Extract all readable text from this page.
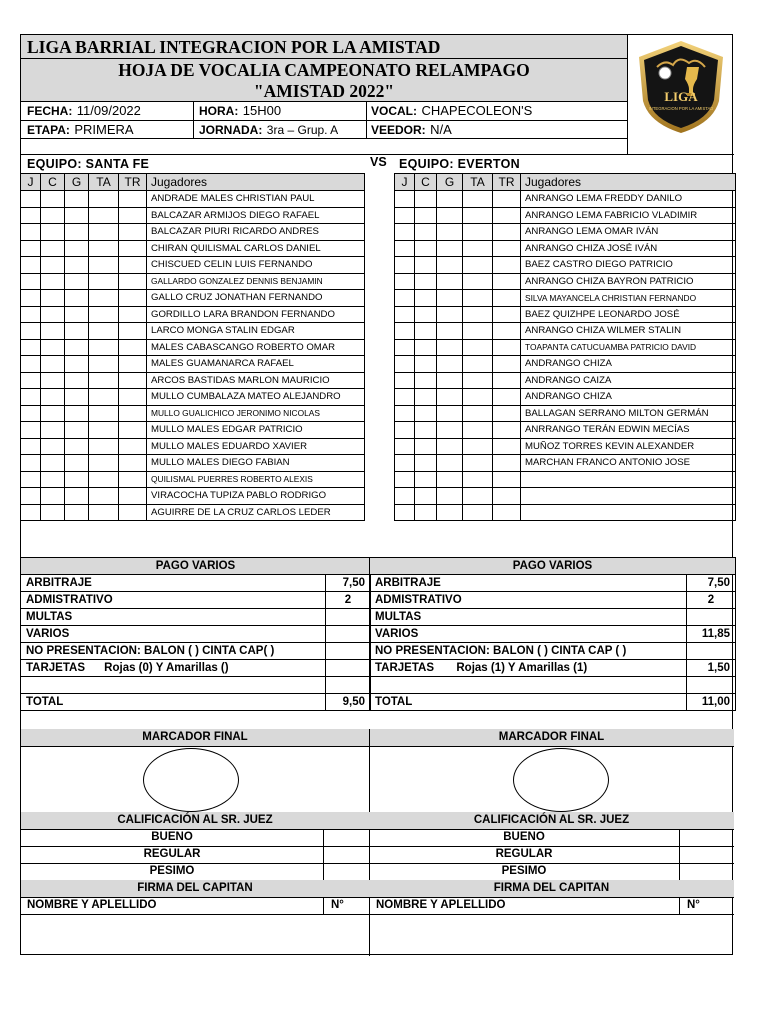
LIGA BARRIAL INTEGRACION POR LA AMISTAD
HOJA DE VOCALIA CAMPEONATO RELAMPAGO
"AMISTAD 2022"	LIGA
INTEGRACION POR LA AMISTAD
FECHA: 11/09/2022	HORA: 15H00	VOCAL: CHAPECOLEON'S
ETAPA: PRIMERA	JORNADA: 3ra – Grup. A	VEEDOR: N/A
EQUIPO: SANTA FE	VS EQUIPO: EVERTON
J	C	G	TA	TR	Jugadores
					ANDRADE MALES CHRISTIAN PAUL
					BALCAZAR ARMIJOS DIEGO RAFAEL
					BALCAZAR PIURI RICARDO ANDRES
					CHIRAN QUILISMAL CARLOS DANIEL
					CHISCUED CELIN LUIS FERNANDO
					GALLARDO GONZALEZ DENNIS BENJAMIN
					GALLO CRUZ JONATHAN FERNANDO
					GORDILLO LARA BRANDON FERNANDO
					LARCO MONGA STALIN EDGAR
					MALES CABASCANGO ROBERTO OMAR
					MALES GUAMANARCA RAFAEL
					ARCOS BASTIDAS MARLON MAURICIO
					MULLO CUMBALAZA MATEO ALEJANDRO
					MULLO GUALICHICO JERONIMO NICOLAS
					MULLO MALES EDGAR PATRICIO
					MULLO MALES EDUARDO XAVIER
					MULLO MALES DIEGO FABIAN
					QUILISMAL PUERRES ROBERTO ALEXIS
					VIRACOCHA TUPIZA PABLO RODRIGO
					AGUIRRE DE LA CRUZ CARLOS LEDER
J	C	G	TA	TR	Jugadores
					ANRANGO LEMA FREDDY DANILO
					ANRANGO LEMA FABRICIO VLADIMIR
					ANRANGO LEMA OMAR IVÁN
					ANRANGO CHIZA JOSÉ IVÁN
					BAEZ CASTRO DIEGO PATRICIO
					ANRANGO CHIZA BAYRON PATRICIO
					SILVA MAYANCELA CHRISTIAN FERNANDO
					BAEZ QUIZHPE LEONARDO JOSÉ
					ANRANGO CHIZA WILMER STALIN
					TOAPANTA CATUCUAMBA PATRICIO DAVID
					ANDRANGO CHIZA
					ANDRANGO CAIZA
					ANDRANGO CHIZA
					BALLAGAN SERRANO MILTON GERMÁN
					ANRRANGO TERÁN EDWIN MECÍAS
					MUÑOZ TORRES KEVIN ALEXANDER
					MARCHAN FRANCO ANTONIO JOSE

PAGO VARIOS	
ARBITRAJE	7,50
ADMISTRATIVO	2
MULTAS	
VARIOS	
NO PRESENTACION: BALON ( ) CINTA CAP( )	
TARJETAS Rojas (0) Y Amarillas ()	

TOTAL	9,50
PAGO VARIOS	
ARBITRAJE	7,50
ADMISTRATIVO	2
MULTAS	
VARIOS	11,85
NO PRESENTACION: BALON ( ) CINTA CAP ( )	
TARJETAS Rojas (1) Y Amarillas (1)	1,50

TOTAL	11,00
MARCADOR FINAL	MARCADOR FINAL
CALIFICACIÓN AL SR. JUEZ	CALIFICACIÓN AL SR. JUEZ
BUENO
REGULAR
PESIMO
BUENO
REGULAR
PESIMO
FIRMA DEL CAPITAN	FIRMA DEL CAPITAN
NOMBRE Y APLELLIDO	N°	NOMBRE Y APLELLIDO	N°
